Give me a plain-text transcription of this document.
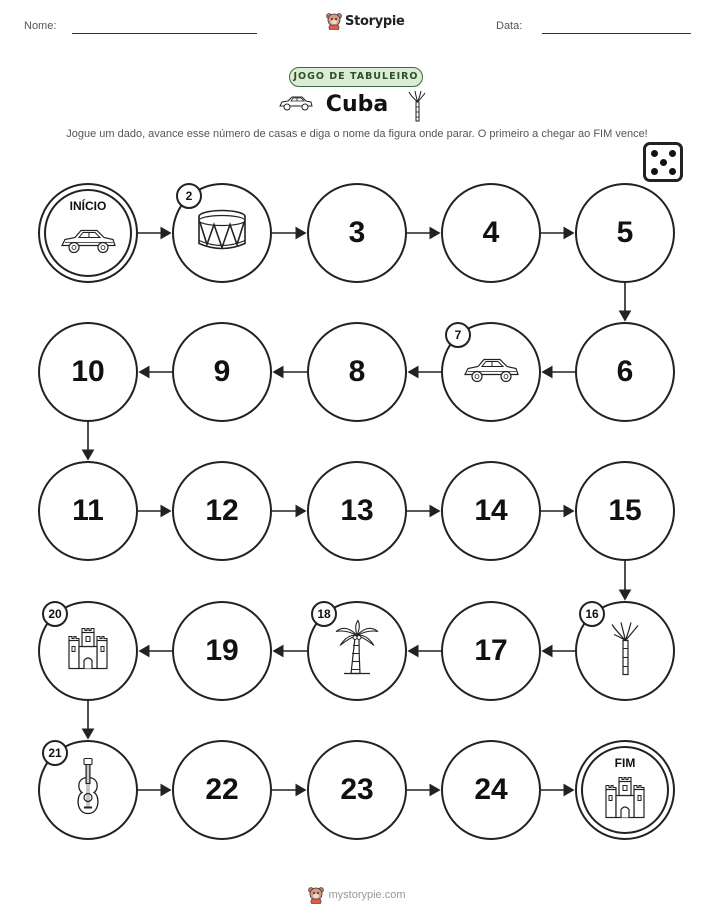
Nome:	Storypie	Data:
JOGO DE TABULEIRO
Cuba
Jogue um dado, avance esse número de casas e diga o nome da figura onde parar. O primeiro a chegar ao FIM vence!
INÍCIO
2
3	4	5
6
7
8
9
10
11	12	13	14	15
16
17
18
19
20
21
22	23	24
FIM
mystorypie.com
